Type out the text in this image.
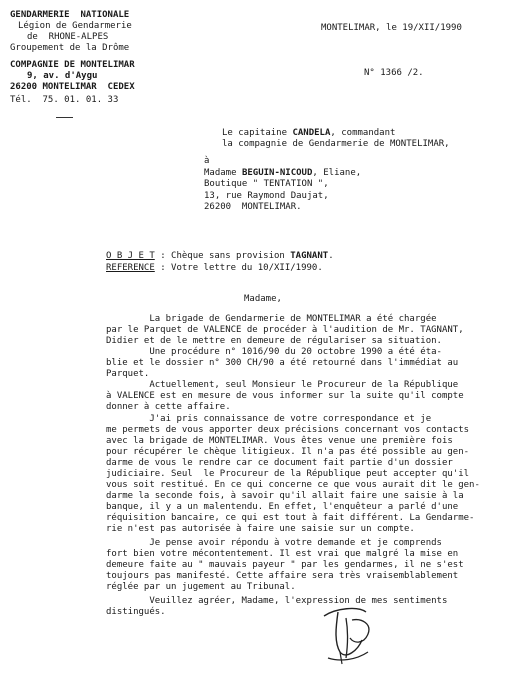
GENDARMERIE  NATIONALE
Légion de Gendarmerie
de  RHONE-ALPES
Groupement de la Drôme
COMPAGNIE DE MONTELIMAR
9, av. d'Aygu
26200 MONTELIMAR  CEDEX
Tél.  75. 01. 01. 33
MONTELIMAR, le 19/XII/1990
N° 1366 /2.
Le capitaine CANDELA, commandant
la compagnie de Gendarmerie de MONTELIMAR,
à
Madame BEGUIN-NICOUD, Eliane,
Boutique " TENTATION ",
13, rue Raymond Daujat,
26200  MONTELIMAR.
O B J E T : Chèque sans provision TAGNANT.
REFERENCE : Votre lettre du 10/XII/1990.
Madame,
La brigade de Gendarmerie de MONTELIMAR a été chargée
par le Parquet de VALENCE de procéder à l'audition de Mr. TAGNANT,
Didier et de le mettre en demeure de régulariser sa situation.
Une procédure n° 1016/90 du 20 octobre 1990 a été éta-
blie et le dossier n° 300 CH/90 a été retourné dans l'immédiat au
Parquet.
Actuellement, seul Monsieur le Procureur de la République
à VALENCE est en mesure de vous informer sur la suite qu'il compte
donner à cette affaire.
J'ai pris connaissance de votre correspondance et je
me permets de vous apporter deux précisions concernant vos contacts
avec la brigade de MONTELIMAR. Vous êtes venue une première fois
pour récupérer le chèque litigieux. Il n'a pas été possible au gen-
darme de vous le rendre car ce document fait partie d'un dossier
judiciaire. Seul  le Procureur de la République peut accepter qu'il
vous soit restitué. En ce qui concerne ce que vous aurait dit le gen-
darme la seconde fois, à savoir qu'il allait faire une saisie à la
banque, il y a un malentendu. En effet, l'enquêteur a parlé d'une
réquisition bancaire, ce qui est tout à fait différent. La Gendarme-
rie n'est pas autorisée à faire une saisie sur un compte.
Je pense avoir répondu à votre demande et je comprends
fort bien votre mécontentement. Il est vrai que malgré la mise en
demeure faite au " mauvais payeur " par les gendarmes, il ne s'est
toujours pas manifesté. Cette affaire sera très vraisemblablement
réglée par un jugement au Tribunal.
Veuillez agréer, Madame, l'expression de mes sentiments
distingués.
